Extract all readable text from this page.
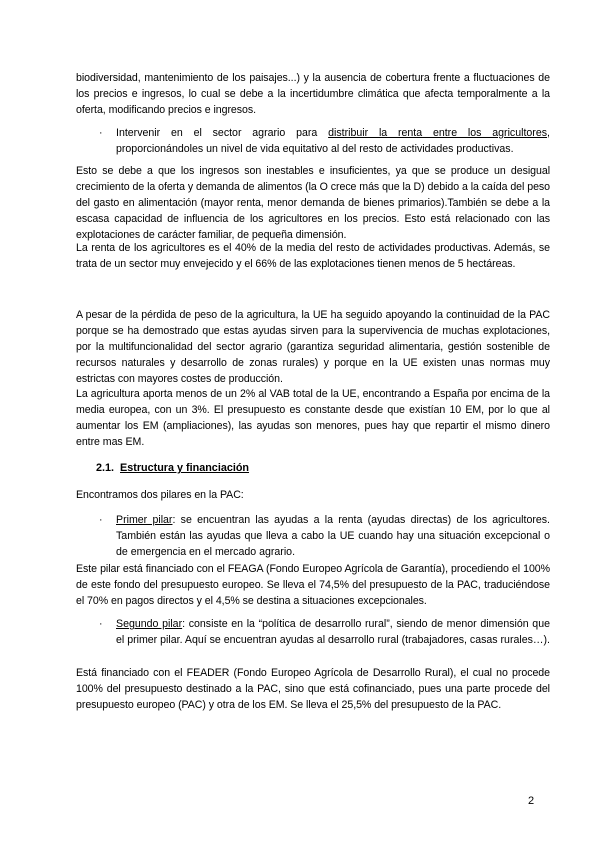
biodiversidad, mantenimiento de los paisajes...) y la ausencia de cobertura frente a fluctuaciones de los precios e ingresos, lo cual se debe a la incertidumbre climática que afecta temporalmente a la oferta, modificando precios e ingresos.

· Intervenir en el sector agrario para distribuir la renta entre los agricultores, proporcionándoles un nivel de vida equitativo al del resto de actividades productivas.

Esto se debe a que los ingresos son inestables e insuficientes, ya que se produce un desigual crecimiento de la oferta y demanda de alimentos (la O crece más que la D) debido a la caída del peso del gasto en alimentación (mayor renta, menor demanda de bienes primarios).También se debe a la escasa capacidad de influencia de los agricultores en los precios. Esto está relacionado con las explotaciones de carácter familiar, de pequeña dimensión.

La renta de los agricultores es el 40% de la media del resto de actividades productivas. Además, se trata de un sector muy envejecido y el 66% de las explotaciones tienen menos de 5 hectáreas.

A pesar de la pérdida de peso de la agricultura, la UE ha seguido apoyando la continuidad de la PAC porque se ha demostrado que estas ayudas sirven para la supervivencia de muchas explotaciones, por la multifuncionalidad del sector agrario (garantiza seguridad alimentaria, gestión sostenible de recursos naturales y desarrollo de zonas rurales) y porque en la UE existen unas normas muy estrictas con mayores costes de producción.

La agricultura aporta menos de un 2% al VAB total de la UE, encontrando a España por encima de la media europea, con un 3%. El presupuesto es constante desde que existían 10 EM, por lo que al aumentar los EM (ampliaciones), las ayudas son menores, pues hay que repartir el mismo dinero entre mas EM.

2.1. Estructura y financiación

Encontramos dos pilares en la PAC:

· Primer pilar: se encuentran las ayudas a la renta (ayudas directas) de los agricultores. También están las ayudas que lleva a cabo la UE cuando hay una situación excepcional o de emergencia en el mercado agrario.

Este pilar está financiado con el FEAGA (Fondo Europeo Agrícola de Garantía), procediendo el 100% de este fondo del presupuesto europeo. Se lleva el 74,5% del presupuesto de la PAC, traduciéndose el 70% en pagos directos y el 4,5% se destina a situaciones excepcionales.

· Segundo pilar: consiste en la “política de desarrollo rural”, siendo de menor dimensión que el primer pilar. Aquí se encuentran ayudas al desarrollo rural (trabajadores, casas rurales…).

Está financiado con el FEADER (Fondo Europeo Agrícola de Desarrollo Rural), el cual no procede 100% del presupuesto destinado a la PAC, sino que está cofinanciado, pues una parte procede del presupuesto europeo (PAC) y otra de los EM. Se lleva el 25,5% del presupuesto de la PAC.

2
